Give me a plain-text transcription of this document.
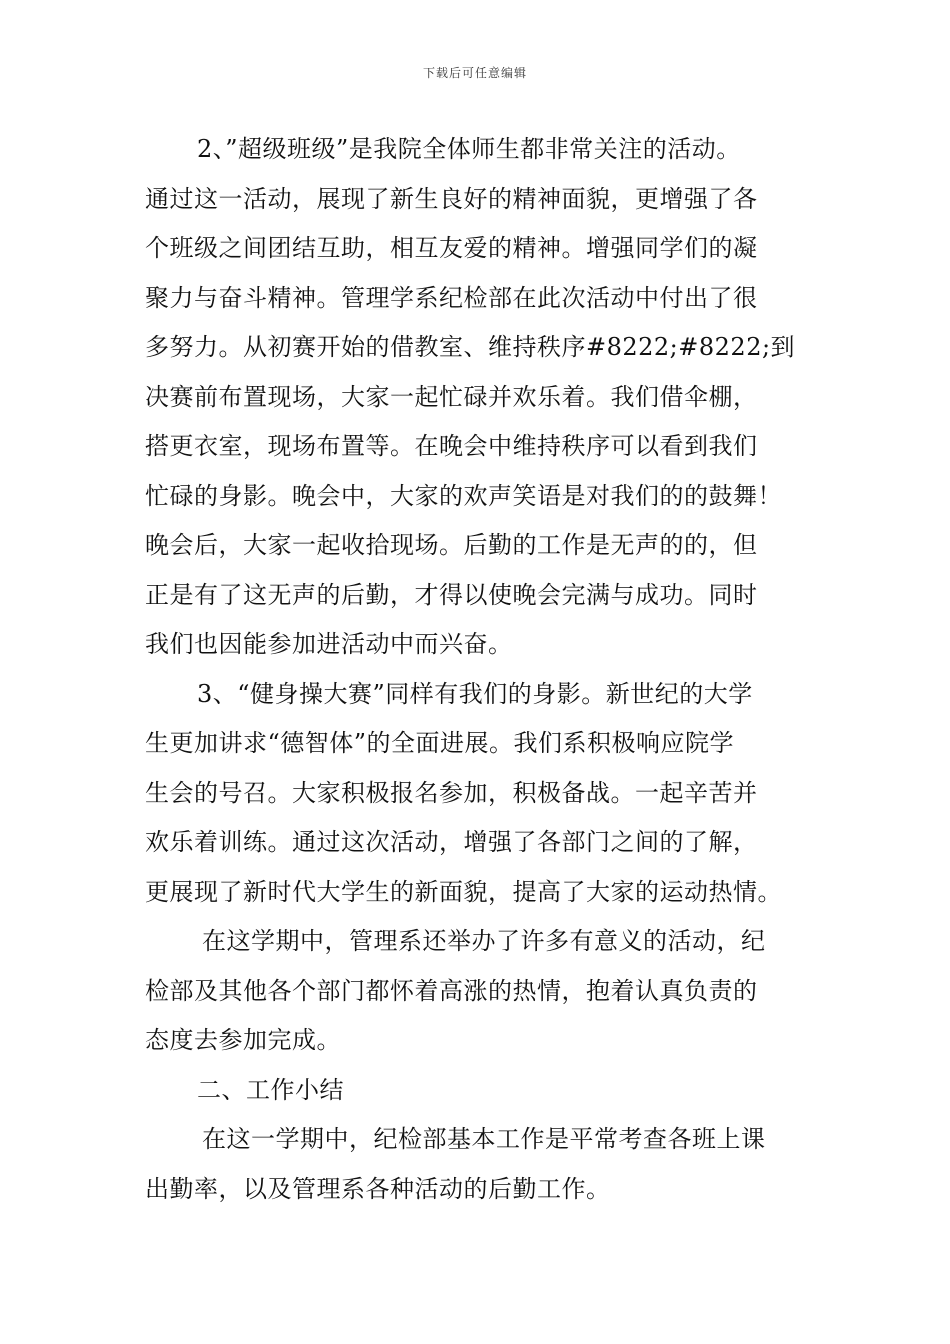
下载后可任意编辑
2、”超级班级”是我院全体师生都非常关注的活动。
通过这一活动，展现了新生良好的精神面貌，更增强了各
个班级之间团结互助，相互友爱的精神。增强同学们的凝
聚力与奋斗精神。管理学系纪检部在此次活动中付出了很
多努力。从初赛开始的借教室、维持秩序#8222;#8222;到
决赛前布置现场，大家一起忙碌并欢乐着。我们借伞棚，
搭更衣室，现场布置等。在晚会中维持秩序可以看到我们
忙碌的身影。晚会中，大家的欢声笑语是对我们的的鼓舞！
晚会后，大家一起收拾现场。后勤的工作是无声的的，但
正是有了这无声的后勤，才得以使晚会完满与成功。同时
我们也因能参加进活动中而兴奋。
3、“健身操大赛”同样有我们的身影。新世纪的大学
生更加讲求“德智体”的全面进展。我们系积极响应院学
生会的号召。大家积极报名参加，积极备战。一起辛苦并
欢乐着训练。通过这次活动，增强了各部门之间的了解，
更展现了新时代大学生的新面貌，提高了大家的运动热情。
在这学期中，管理系还举办了许多有意义的活动，纪
检部及其他各个部门都怀着高涨的热情，抱着认真负责的
态度去参加完成。
二、工作小结
在这一学期中，纪检部基本工作是平常考查各班上课
出勤率，以及管理系各种活动的后勤工作。
